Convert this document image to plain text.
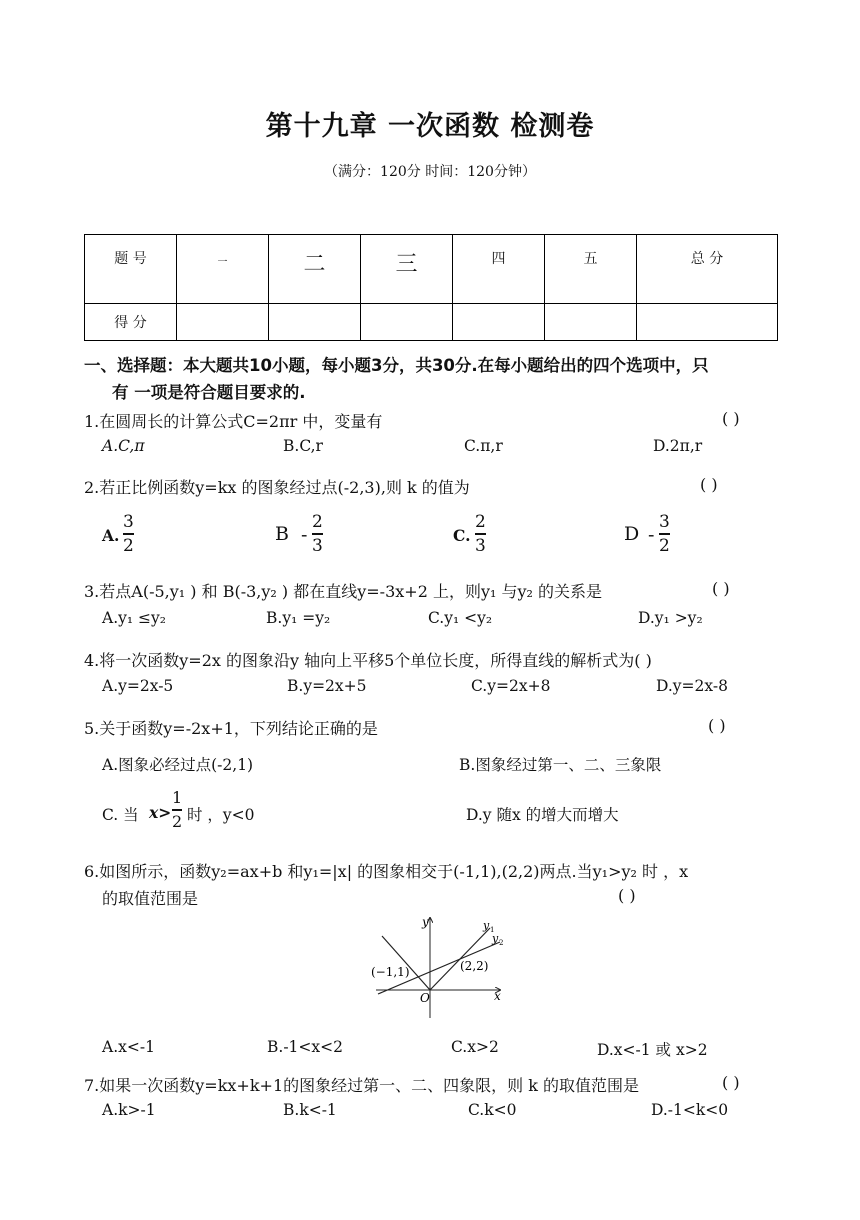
第十九章 一次函数 检测卷
（满分：120分 时间：120分钟）
题 号	一	二	三	四	五	总 分
得 分						
一、选择题：本大题共10小题，每小题3分，共30分.在每小题给出的四个选项中，只
有 一项是符合题目要求的.
1.在圆周长的计算公式C=2πr 中，变量有	( )
A.C,π	B.C,r	C.π,r	D.2π,r
2.若正比例函数y=kx 的图象经过点(-2,3),则 k 的值为	( )
A.
3
2
B -
2
3	C.
2
3
D -
3
2
3.若点A(-5,y₁ ) 和 B(-3,y₂ ) 都在直线y=-3x+2 上，则y₁ 与y₂ 的关系是	( )
A.y₁ ≤y₂	B.y₁ =y₂	C.y₁ <y₂	D.y₁ >y₂
4.将一次函数y=2x 的图象沿y 轴向上平移5个单位长度，所得直线的解析式为( )
A.y=2x-5	B.y=2x+5	C.y=2x+8	D.y=2x-8
5.关于函数y=-2x+1，下列结论正确的是	( )
A.图象必经过点(-2,1)	B.图象经过第一、二、三象限
C. 当 x>
1
2 时 ，y<0	D.y 随x 的增大而增大
6.如图所示，函数y₂=ax+b 和y₁=|x| 的图象相交于(-1,1),(2,2)两点.当y₁>y₂ 时 ，x
的取值范围是	( )
y
x
O
y 1
y 2
(−1,1)	(2,2)
A.x<-1	B.-1<x<2	C.x>2	D.x<-1 或 x>2
7.如果一次函数y=kx+k+1的图象经过第一、二、四象限，则 k 的取值范围是	( )
A.k>-1	B.k<-1	C.k<0	D.-1<k<0
